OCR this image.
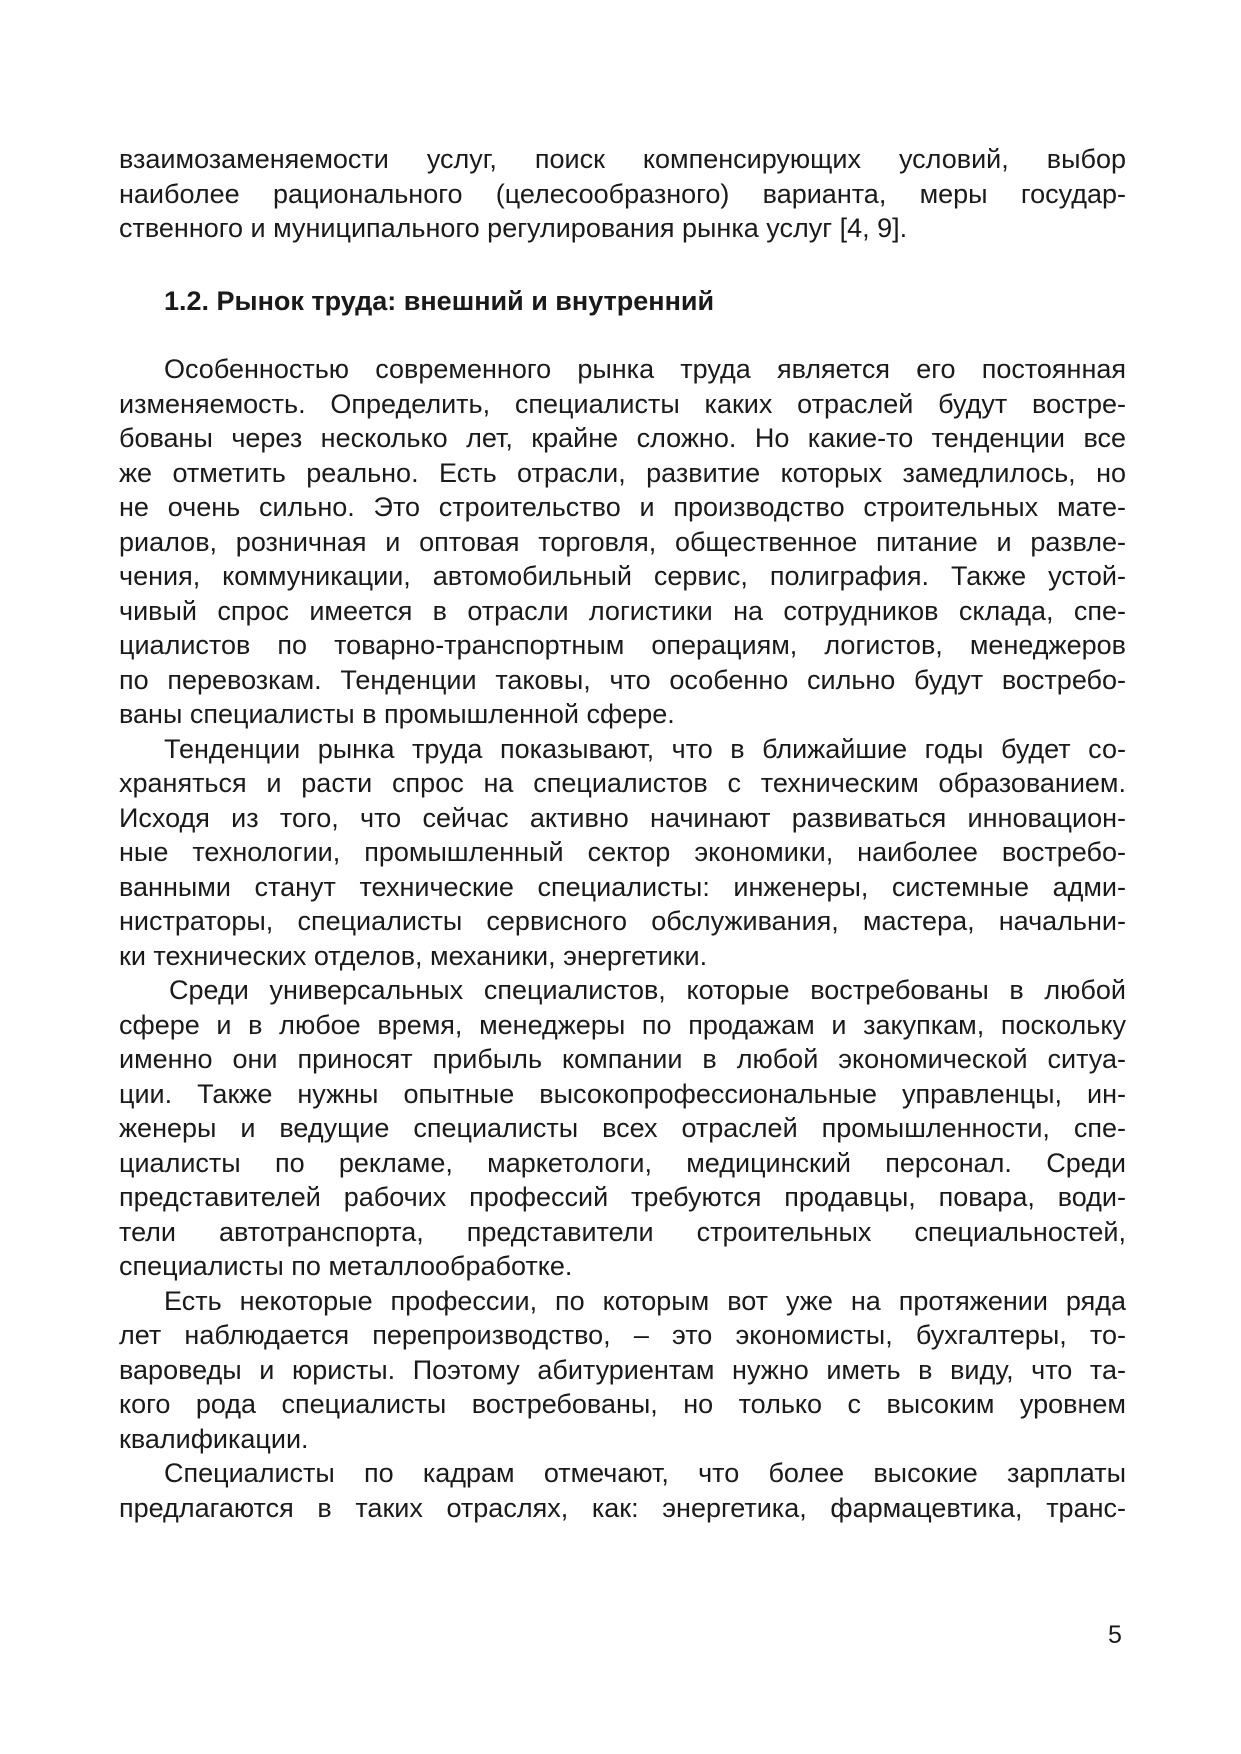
взаимозаменяемости услуг, поиск компенсирующих условий, выбор
наиболее рационального (целесообразного) варианта, меры государ-
ственного и муниципального регулирования рынка услуг [4, 9].
1.2. Рынок труда: внешний и внутренний
Особенностью современного рынка труда является его постоянная
изменяемость. Определить, специалисты каких отраслей будут востре-
бованы через несколько лет, крайне сложно. Но какие-то тенденции все
же отметить реально. Есть отрасли, развитие которых замедлилось, но
не очень сильно. Это строительство и производство строительных мате-
риалов, розничная и оптовая торговля, общественное питание и развле-
чения, коммуникации, автомобильный сервис, полиграфия. Также устой-
чивый спрос имеется в отрасли логистики на сотрудников склада, спе-
циалистов по товарно-транспортным операциям, логистов, менеджеров
по перевозкам. Тенденции таковы, что особенно сильно будут востребо-
ваны специалисты в промышленной сфере.
Тенденции рынка труда показывают, что в ближайшие годы будет со-
храняться и расти спрос на специалистов с техническим образованием.
Исходя из того, что сейчас активно начинают развиваться инновацион-
ные технологии, промышленный сектор экономики, наиболее востребо-
ванными станут технические специалисты: инженеры, системные адми-
нистраторы, специалисты сервисного обслуживания, мастера, начальни-
ки технических отделов, механики, энергетики.
Среди универсальных специалистов, которые востребованы в любой
сфере и в любое время, менеджеры по продажам и закупкам, поскольку
именно они приносят прибыль компании в любой экономической ситуа-
ции. Также нужны опытные высокопрофессиональные управленцы, ин-
женеры и ведущие специалисты всех отраслей промышленности, спе-
циалисты по рекламе, маркетологи, медицинский персонал. Среди
представителей рабочих профессий требуются продавцы, повара, води-
тели автотранспорта, представители строительных специальностей,
специалисты по металлообработке.
Есть некоторые профессии, по которым вот уже на протяжении ряда
лет наблюдается перепроизводство, – это экономисты, бухгалтеры, то-
вароведы и юристы. Поэтому абитуриентам нужно иметь в виду, что та-
кого рода специалисты востребованы, но только с высоким уровнем
квалификации.
Специалисты по кадрам отмечают, что более высокие зарплаты
предлагаются в таких отраслях, как: энергетика, фармацевтика, транс-
5
